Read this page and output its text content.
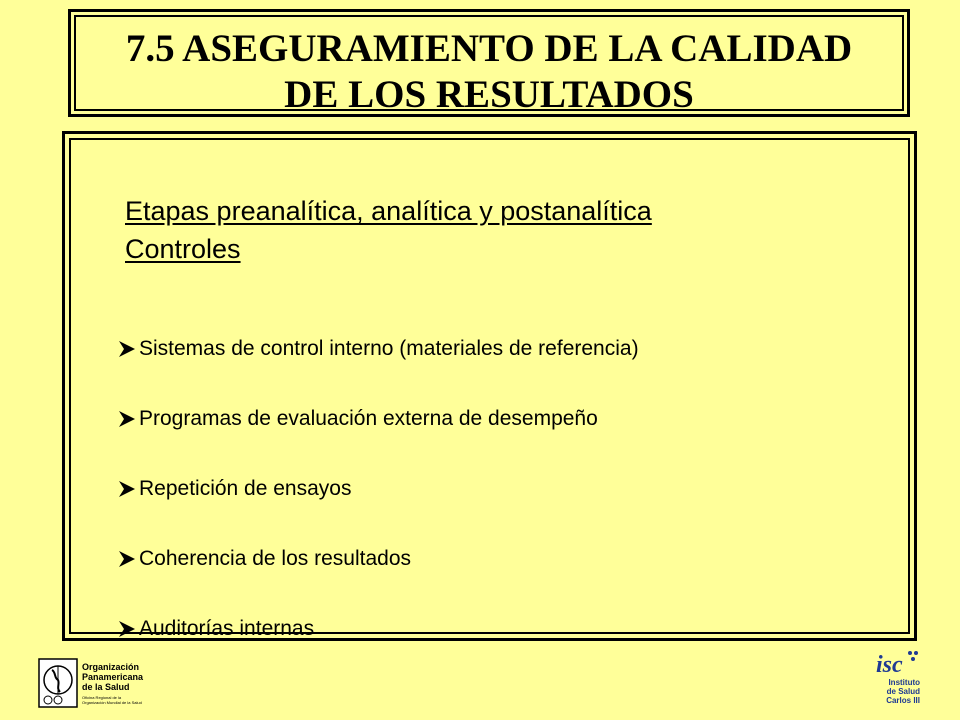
7.5 ASEGURAMIENTO DE LA CALIDAD
DE LOS RESULTADOS
Etapas preanalítica, analítica y postanalítica
Controles
Sistemas de control interno (materiales de referencia)
Programas de evaluación externa de desempeño
Repetición de ensayos
Coherencia de los resultados
Auditorías internas
Organización
Panamericana
de la Salud
Oficina Regional de la
Organización Mundial de la Salud
isc
Instituto
de Salud
Carlos III
